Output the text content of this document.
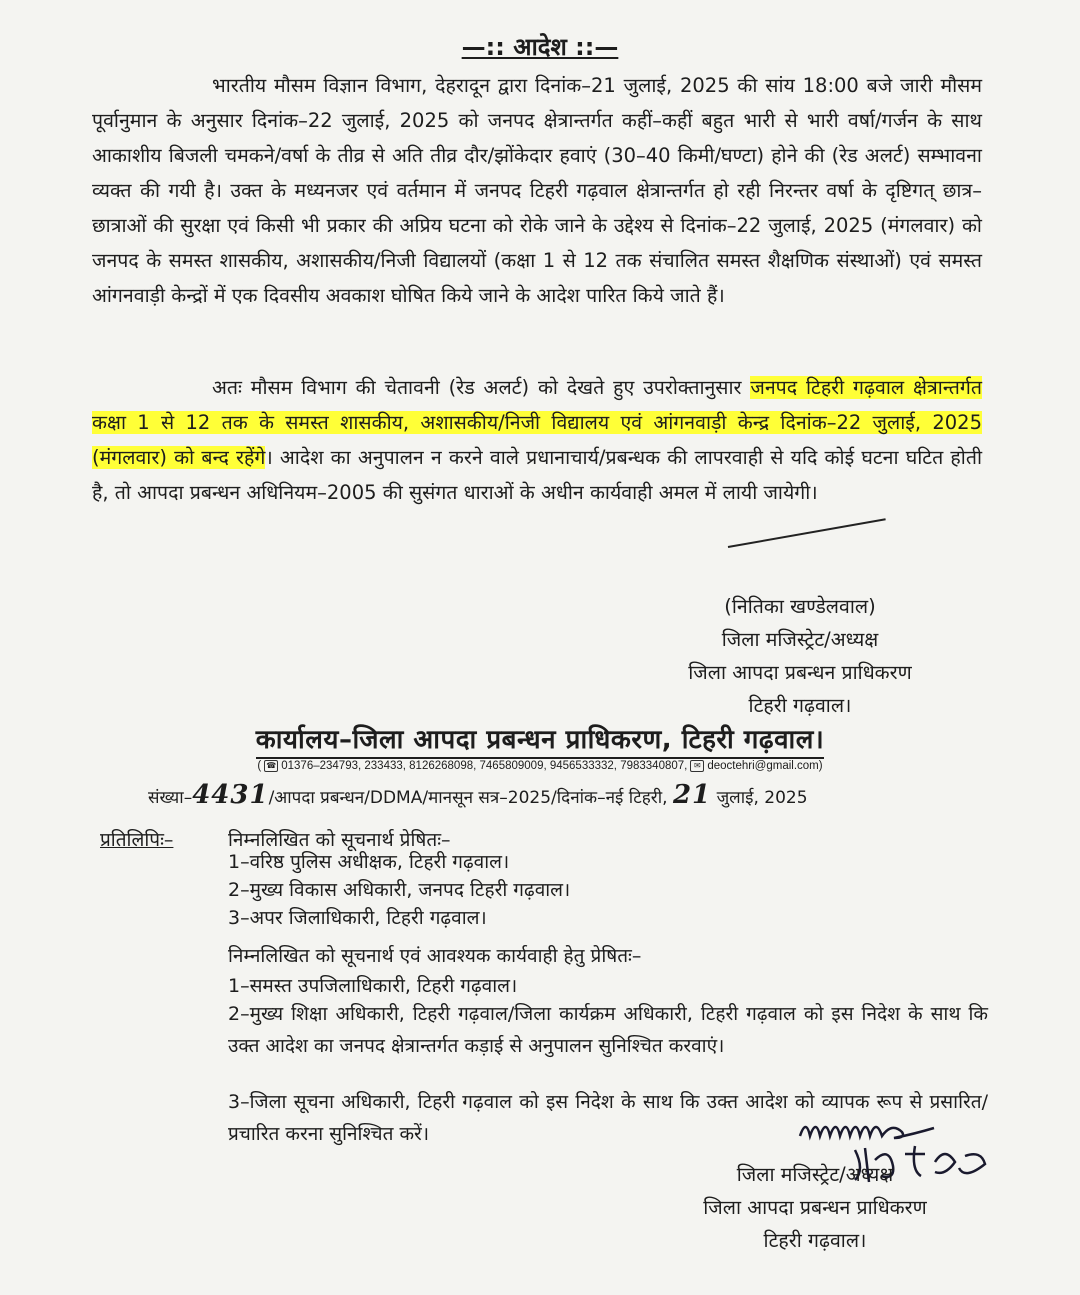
—:: आदेश ::—

भारतीय मौसम विज्ञान विभाग, देहरादून द्वारा दिनांक–21 जुलाई, 2025 की सांय 18:00 बजे जारी मौसम पूर्वानुमान के अनुसार दिनांक–22 जुलाई, 2025 को जनपद क्षेत्रान्तर्गत कहीं–कहीं बहुत भारी से भारी वर्षा/गर्जन के साथ आकाशीय बिजली चमकने/वर्षा के तीव्र से अति तीव्र दौर/झोंकेदार हवाएं (30–40 किमी/घण्टा) होने की (रेड अलर्ट) सम्भावना व्यक्त की गयी है। उक्त के मध्यनजर एवं वर्तमान में जनपद टिहरी गढ़वाल क्षेत्रान्तर्गत हो रही निरन्तर वर्षा के दृष्टिगत् छात्र–छात्राओं की सुरक्षा एवं किसी भी प्रकार की अप्रिय घटना को रोके जाने के उद्देश्य से दिनांक–22 जुलाई, 2025 (मंगलवार) को जनपद के समस्त शासकीय, अशासकीय/निजी विद्यालयों (कक्षा 1 से 12 तक संचालित समस्त शैक्षणिक संस्थाओं) एवं समस्त आंगनवाड़ी केन्द्रों में एक दिवसीय अवकाश घोषित किये जाने के आदेश पारित किये जाते हैं।

अतः मौसम विभाग की चेतावनी (रेड अलर्ट) को देखते हुए उपरोक्तानुसार जनपद टिहरी गढ़वाल क्षेत्रान्तर्गत कक्षा 1 से 12 तक के समस्त शासकीय, अशासकीय/निजी विद्यालय एवं आंगनवाड़ी केन्द्र दिनांक–22 जुलाई, 2025 (मंगलवार) को बन्द रहेंगे। आदेश का अनुपालन न करने वाले प्रधानाचार्य/प्रबन्धक की लापरवाही से यदि कोई घटना घटित होती है, तो आपदा प्रबन्धन अधिनियम–2005 की सुसंगत धाराओं के अधीन कार्यवाही अमल में लायी जायेगी।

(नितिका खण्डेलवाल)
जिला मजिस्ट्रेट/अध्यक्ष
जिला आपदा प्रबन्धन प्राधिकरण
टिहरी गढ़वाल।
कार्यालय–जिला आपदा प्रबन्धन प्राधिकरण, टिहरी गढ़वाल।
( ☎ 01376–234793, 233433, 8126268098, 7465809009, 9456533332, 7983340807, ✉ deoctehri@gmail.com)
संख्या–4431/आपदा प्रबन्धन/DDMA/मानसून सत्र–2025/दिनांक–नई टिहरी, 21 जुलाई, 2025
प्रतिलिपिः–	निम्नलिखित को सूचनार्थ प्रेषितः–

1–वरिष्ठ पुलिस अधीक्षक, टिहरी गढ़वाल।

2–मुख्य विकास अधिकारी, जनपद टिहरी गढ़वाल।

3–अपर जिलाधिकारी, टिहरी गढ़वाल।

निम्नलिखित को सूचनार्थ एवं आवश्यक कार्यवाही हेतु प्रेषितः–

1–समस्त उपजिलाधिकारी, टिहरी गढ़वाल।

2–मुख्य शिक्षा अधिकारी, टिहरी गढ़वाल/जिला कार्यक्रम अधिकारी, टिहरी गढ़वाल को इस निदेश के साथ कि उक्त आदेश का जनपद क्षेत्रान्तर्गत कड़ाई से अनुपालन सुनिश्चित करवाएं।

3–जिला सूचना अधिकारी, टिहरी गढ़वाल को इस निदेश के साथ कि उक्त आदेश को व्यापक रूप से प्रसारित/प्रचारित करना सुनिश्चित करें।

जिला मजिस्ट्रेट/अध्यक्ष
जिला आपदा प्रबन्धन प्राधिकरण
टिहरी गढ़वाल।
